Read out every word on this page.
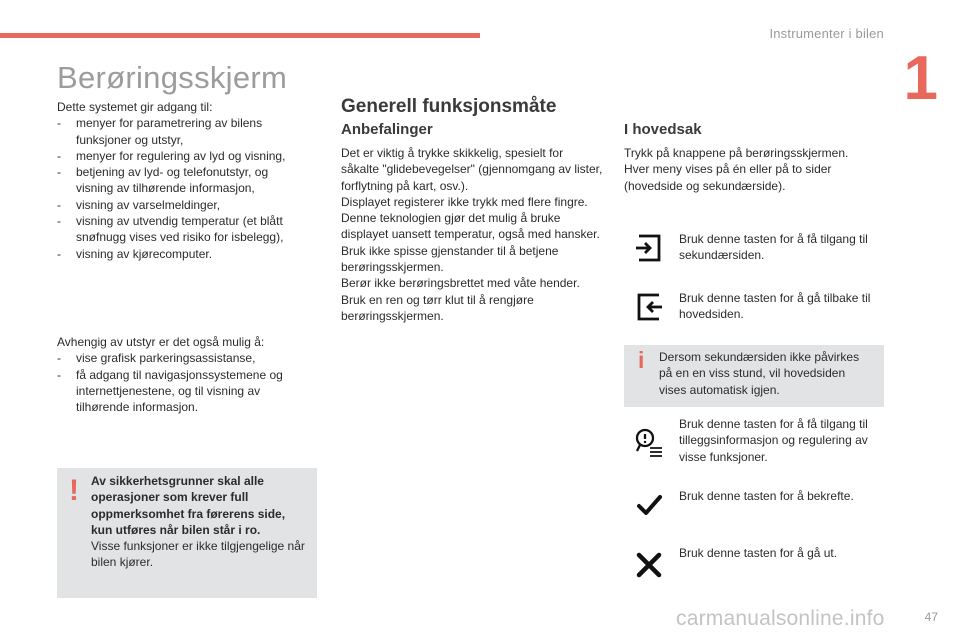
Instrumenter i bilen
1
Berøringsskjerm

Dette systemet gir adgang til:

- menyer for parametrering av bilens funksjoner og utstyr,
- menyer for regulering av lyd og visning,
- betjening av lyd- og telefonutstyr, og visning av tilhørende informasjon,
- visning av varselmeldinger,
- visning av utvendig temperatur (et blått snøfnugg vises ved risiko for isbelegg),
- visning av kjørecomputer.

Avhengig av utstyr er det også mulig å:

- vise grafisk parkeringsassistanse,
- få adgang til navigasjonssystemene og internettjenestene, og til visning av tilhørende informasjon.
! Av sikkerhetsgrunner skal alle operasjoner som krever full oppmerksomhet fra førerens side, kun utføres når bilen står i ro.
Visse funksjoner er ikke tilgjengelige når bilen kjører.
Generell funksjonsmåte
Anbefalinger

Det er viktig å trykke skikkelig, spesielt for såkalte "glidebevegelser" (gjennomgang av lister, forflytning på kart, osv.).

Displayet registerer ikke trykk med flere fingre.

Denne teknologien gjør det mulig å bruke displayet uansett temperatur, også med hansker.

Bruk ikke spisse gjenstander til å betjene berøringsskjermen.

Berør ikke berøringsbrettet med våte hender.

Bruk en ren og tørr klut til å rengjøre berøringsskjermen.

I hovedsak

Trykk på knappene på berøringsskjermen. Hver meny vises på én eller på to sider (hovedside og sekundærside).

Bruk denne tasten for å få tilgang til sekundærsiden.
Bruk denne tasten for å gå tilbake til hovedsiden.
i Dersom sekundærsiden ikke påvirkes på en en viss stund, vil hovedsiden vises automatisk igjen.
Bruk denne tasten for å få tilgang til tilleggsinformasjon og regulering av visse funksjoner.
Bruk denne tasten for å bekrefte.
Bruk denne tasten for å gå ut.
carmanualsonline.info	47
